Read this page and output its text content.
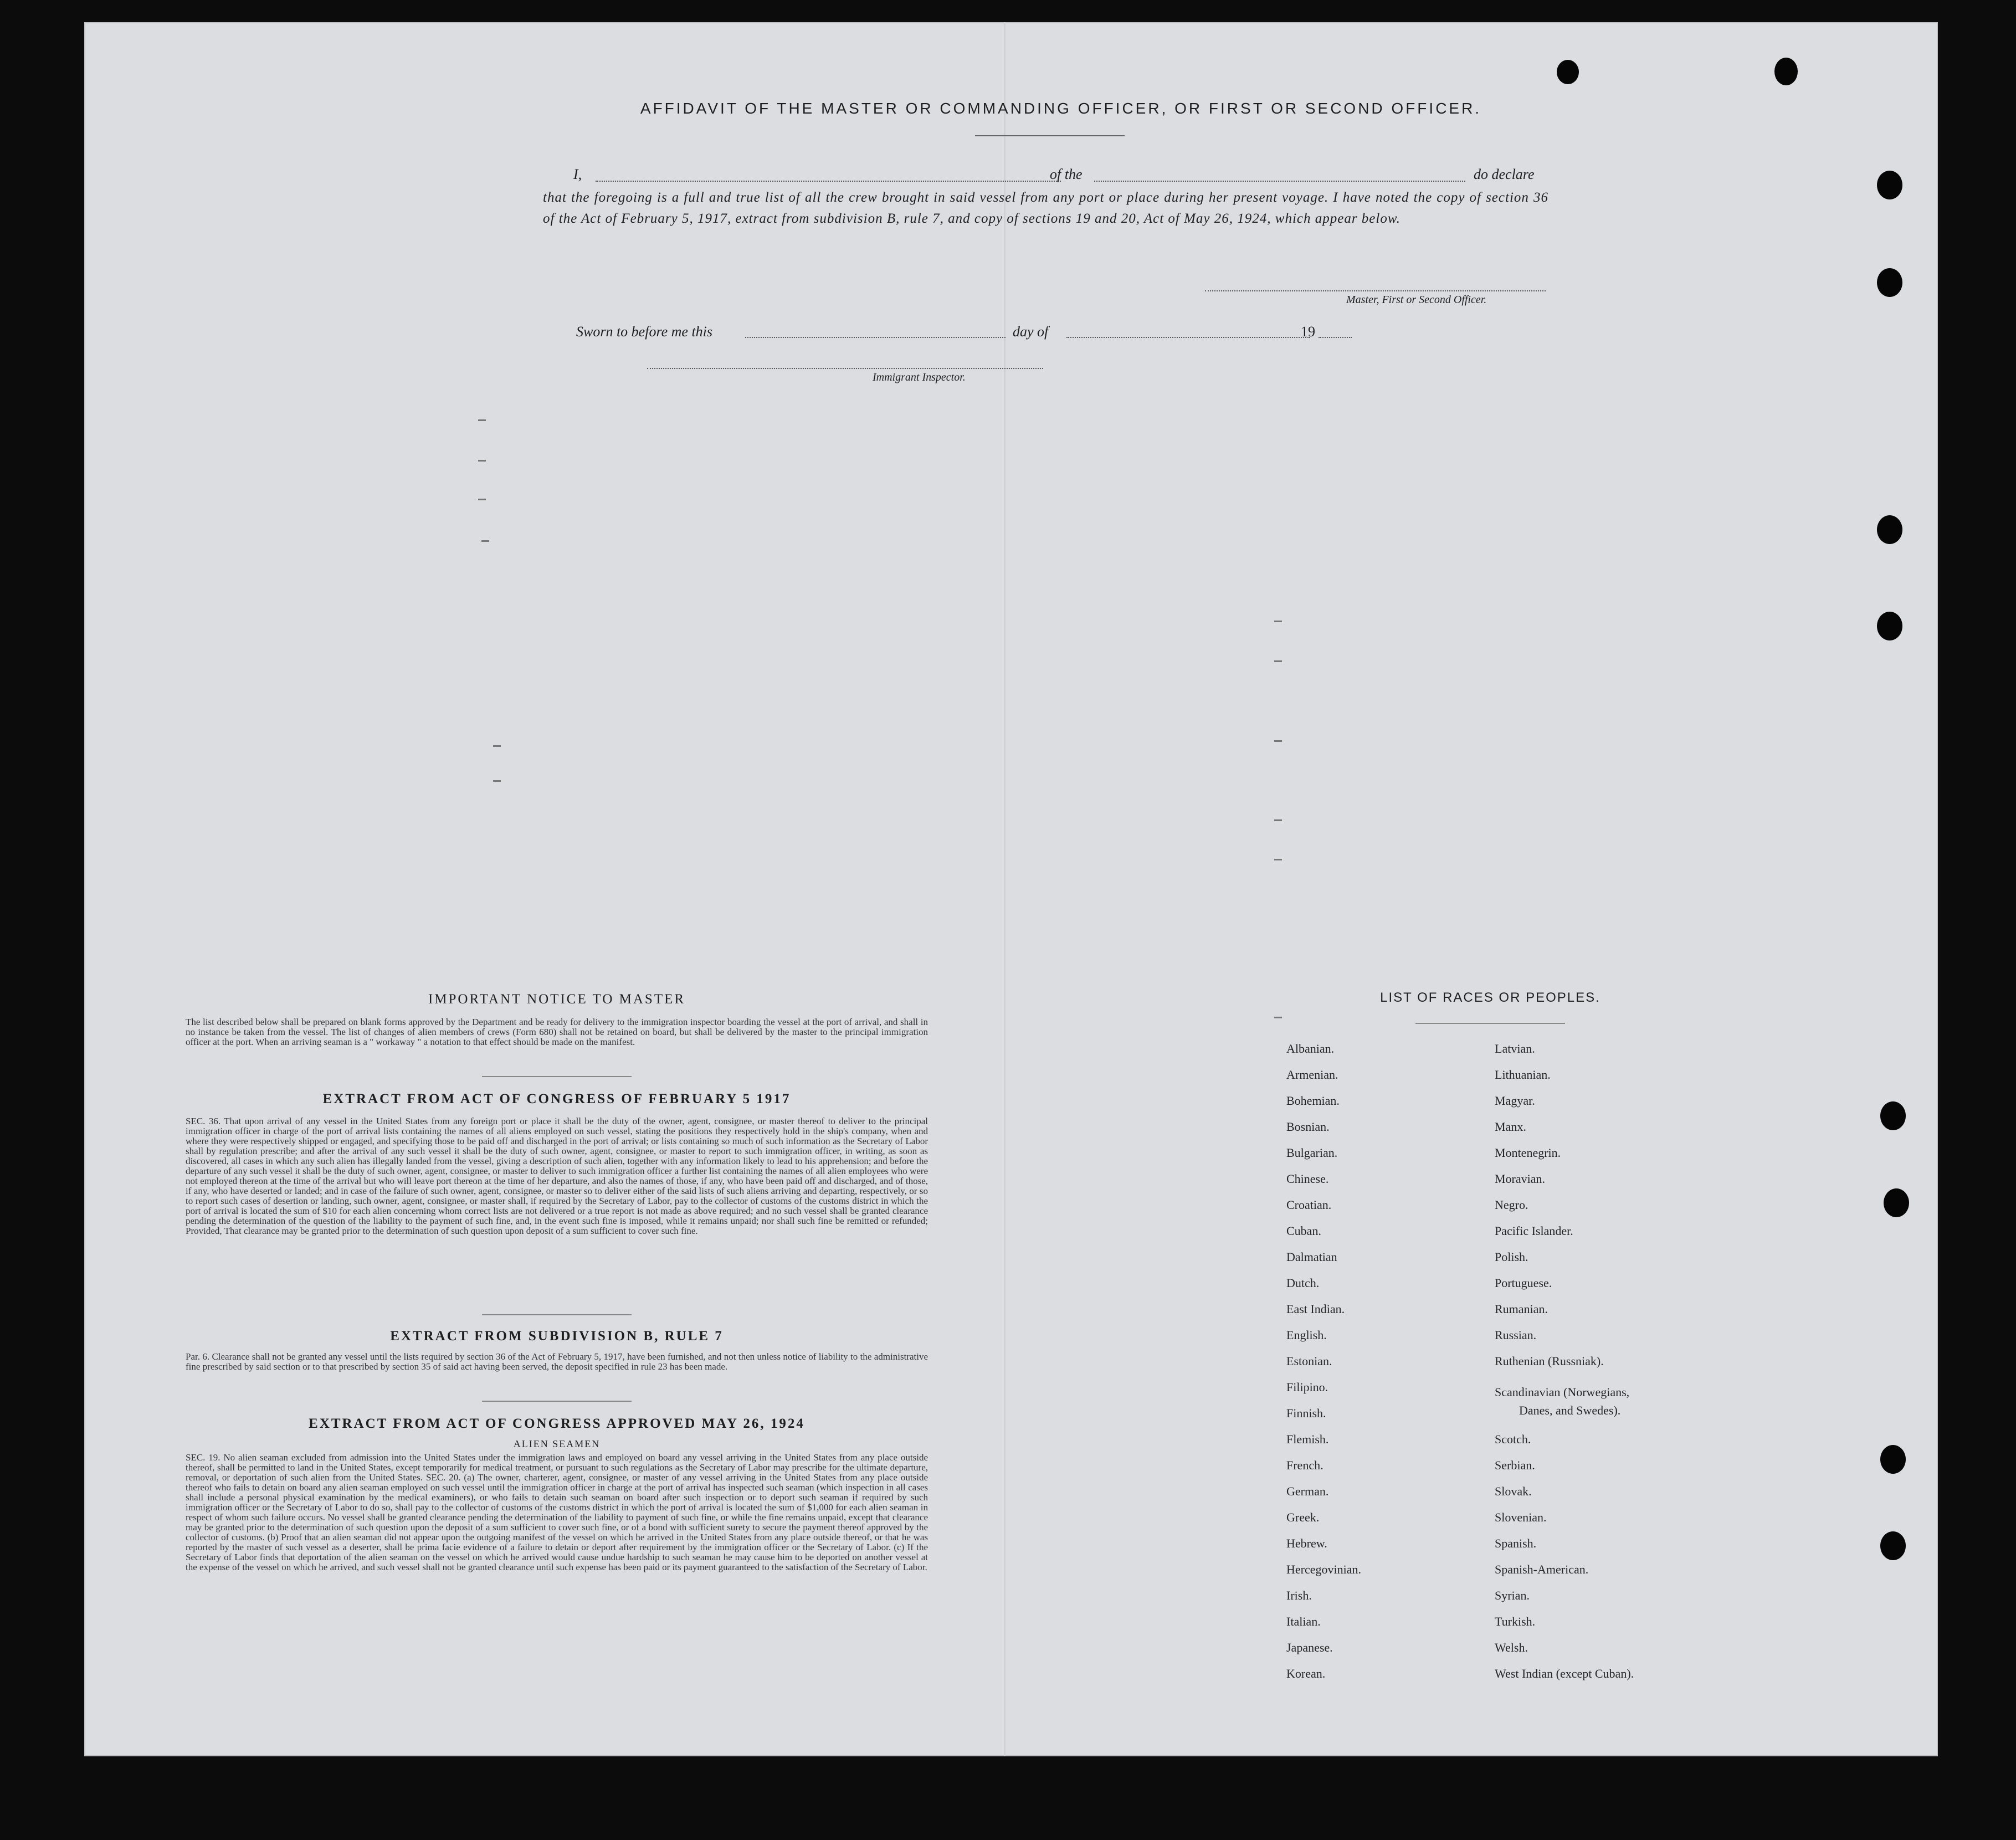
AFFIDAVIT OF THE MASTER OR COMMANDING OFFICER, OR FIRST OR SECOND OFFICER.
I,	of the	do declare
that the foregoing is a full and true list of all the crew brought in said vessel from any port or place during her present voyage. I have noted the copy of section 36 of the Act of February 5, 1917, extract from subdivision B, rule 7, and copy of sections 19 and 20, Act of May 26, 1924, which appear below.
Master, First or Second Officer.
Sworn to before me this	day of	19
Immigrant Inspector.
IMPORTANT NOTICE TO MASTER
The list described below shall be prepared on blank forms approved by the Department and be ready for delivery to the immigration inspector boarding the vessel at the port of arrival, and shall in no instance be taken from the vessel. The list of changes of alien members of crews (Form 680) shall not be retained on board, but shall be delivered by the master to the principal immigration officer at the port. When an arriving seaman is a " workaway " a notation to that effect should be made on the manifest.
EXTRACT FROM ACT OF CONGRESS OF FEBRUARY 5 1917
SEC. 36. That upon arrival of any vessel in the United States from any foreign port or place it shall be the duty of the owner, agent, consignee, or master thereof to deliver to the principal immigration officer in charge of the port of arrival lists containing the names of all aliens employed on such vessel, stating the positions they respectively hold in the ship's company, when and where they were respectively shipped or engaged, and specifying those to be paid off and discharged in the port of arrival; or lists containing so much of such information as the Secretary of Labor shall by regulation prescribe; and after the arrival of any such vessel it shall be the duty of such owner, agent, consignee, or master to report to such immigration officer, in writing, as soon as discovered, all cases in which any such alien has illegally landed from the vessel, giving a description of such alien, together with any information likely to lead to his apprehension; and before the departure of any such vessel it shall be the duty of such owner, agent, consignee, or master to deliver to such immigration officer a further list containing the names of all alien employees who were not employed thereon at the time of the arrival but who will leave port thereon at the time of her departure, and also the names of those, if any, who have been paid off and discharged, and of those, if any, who have deserted or landed; and in case of the failure of such owner, agent, consignee, or master so to deliver either of the said lists of such aliens arriving and departing, respectively, or so to report such cases of desertion or landing, such owner, agent, consignee, or master shall, if required by the Secretary of Labor, pay to the collector of customs of the customs district in which the port of arrival is located the sum of $10 for each alien concerning whom correct lists are not delivered or a true report is not made as above required; and no such vessel shall be granted clearance pending the determination of the question of the liability to the payment of such fine, and, in the event such fine is imposed, while it remains unpaid; nor shall such fine be remitted or refunded; Provided, That clearance may be granted prior to the determination of such question upon deposit of a sum sufficient to cover such fine.
EXTRACT FROM SUBDIVISION B, RULE 7
Par. 6. Clearance shall not be granted any vessel until the lists required by section 36 of the Act of February 5, 1917, have been furnished, and not then unless notice of liability to the administrative fine prescribed by said section or to that prescribed by section 35 of said act having been served, the deposit specified in rule 23 has been made.
EXTRACT FROM ACT OF CONGRESS APPROVED MAY 26, 1924
ALIEN SEAMEN
SEC. 19. No alien seaman excluded from admission into the United States under the immigration laws and employed on board any vessel arriving in the United States from any place outside thereof, shall be permitted to land in the United States, except temporarily for medical treatment, or pursuant to such regulations as the Secretary of Labor may prescribe for the ultimate departure, removal, or deportation of such alien from the United States. SEC. 20. (a) The owner, charterer, agent, consignee, or master of any vessel arriving in the United States from any place outside thereof who fails to detain on board any alien seaman employed on such vessel until the immigration officer in charge at the port of arrival has inspected such seaman (which inspection in all cases shall include a personal physical examination by the medical examiners), or who fails to detain such seaman on board after such inspection or to deport such seaman if required by such immigration officer or the Secretary of Labor to do so, shall pay to the collector of customs of the customs district in which the port of arrival is located the sum of $1,000 for each alien seaman in respect of whom such failure occurs. No vessel shall be granted clearance pending the determination of the liability to payment of such fine, or while the fine remains unpaid, except that clearance may be granted prior to the determination of such question upon the deposit of a sum sufficient to cover such fine, or of a bond with sufficient surety to secure the payment thereof approved by the collector of customs. (b) Proof that an alien seaman did not appear upon the outgoing manifest of the vessel on which he arrived in the United States from any place outside thereof, or that he was reported by the master of such vessel as a deserter, shall be prima facie evidence of a failure to detain or deport after requirement by the immigration officer or the Secretary of Labor. (c) If the Secretary of Labor finds that deportation of the alien seaman on the vessel on which he arrived would cause undue hardship to such seaman he may cause him to be deported on another vessel at the expense of the vessel on which he arrived, and such vessel shall not be granted clearance until such expense has been paid or its payment guaranteed to the satisfaction of the Secretary of Labor.
LIST OF RACES OR PEOPLES.
Albanian.
Armenian.
Bohemian.
Bosnian.
Bulgarian.
Chinese.
Croatian.
Cuban.
Dalmatian
Dutch.
East Indian.
English.
Estonian.
Filipino.
Finnish.
Flemish.
French.
German.
Greek.
Hebrew.
Hercegovinian.
Irish.
Italian.
Japanese.
Korean.
Latvian.
Lithuanian.
Magyar.
Manx.
Montenegrin.
Moravian.
Negro.
Pacific Islander.
Polish.
Portuguese.
Rumanian.
Russian.
Ruthenian (Russniak).
Scandinavian (Norwegians,
Danes, and Swedes).
Scotch.
Serbian.
Slovak.
Slovenian.
Spanish.
Spanish-American.
Syrian.
Turkish.
Welsh.
West Indian (except Cuban).
